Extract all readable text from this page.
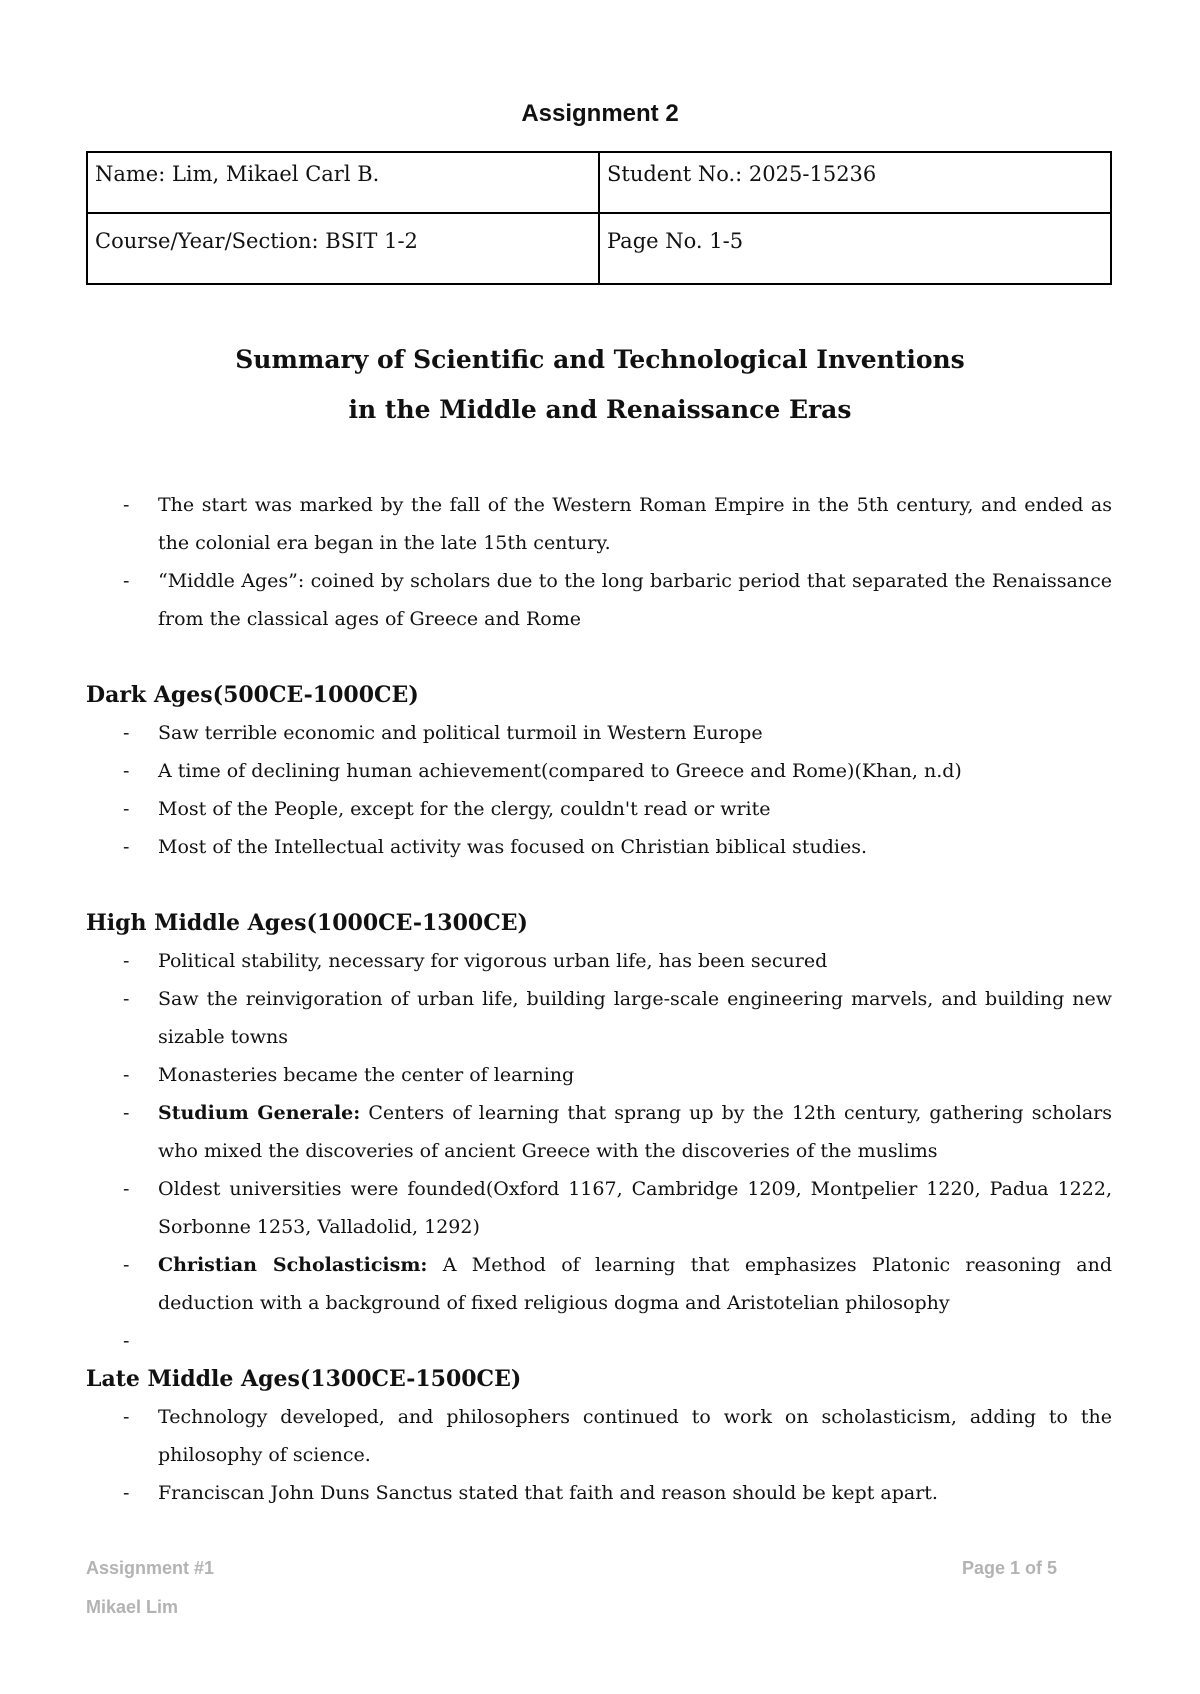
Assignment 2
Name: Lim, Mikael Carl B.	Student No.: 2025-15236
Course/Year/Section: BSIT 1-2	Page No. 1-5
Summary of Scientific and Technological Inventions
in the Middle and Renaissance Eras
- The start was marked by the fall of the Western Roman Empire in the 5th century, and ended as the colonial era began in the late 15th century.
- “Middle Ages”: coined by scholars due to the long barbaric period that separated the Renaissance from the classical ages of Greece and Rome
Dark Ages(500CE-1000CE)
- Saw terrible economic and political turmoil in Western Europe
- A time of declining human achievement(compared to Greece and Rome)(Khan, n.d)
- Most of the People, except for the clergy, couldn't read or write
- Most of the Intellectual activity was focused on Christian biblical studies.
High Middle Ages(1000CE-1300CE)
- Political stability, necessary for vigorous urban life, has been secured
- Saw the reinvigoration of urban life, building large-scale engineering marvels, and building new sizable towns
- Monasteries became the center of learning
- Studium Generale: Centers of learning that sprang up by the 12th century, gathering scholars who mixed the discoveries of ancient Greece with the discoveries of the muslims
- Oldest universities were founded(Oxford 1167, Cambridge 1209, Montpelier 1220, Padua 1222, Sorbonne 1253, Valladolid, 1292)
- Christian Scholasticism: A Method of learning that emphasizes Platonic reasoning and deduction with a background of fixed religious dogma and Aristotelian philosophy
-
Late Middle Ages(1300CE-1500CE)
- Technology developed, and philosophers continued to work on scholasticism, adding to the philosophy of science.
- Franciscan John Duns Sanctus stated that faith and reason should be kept apart.
Assignment #1
Mikael Lim
Page 1 of 5
